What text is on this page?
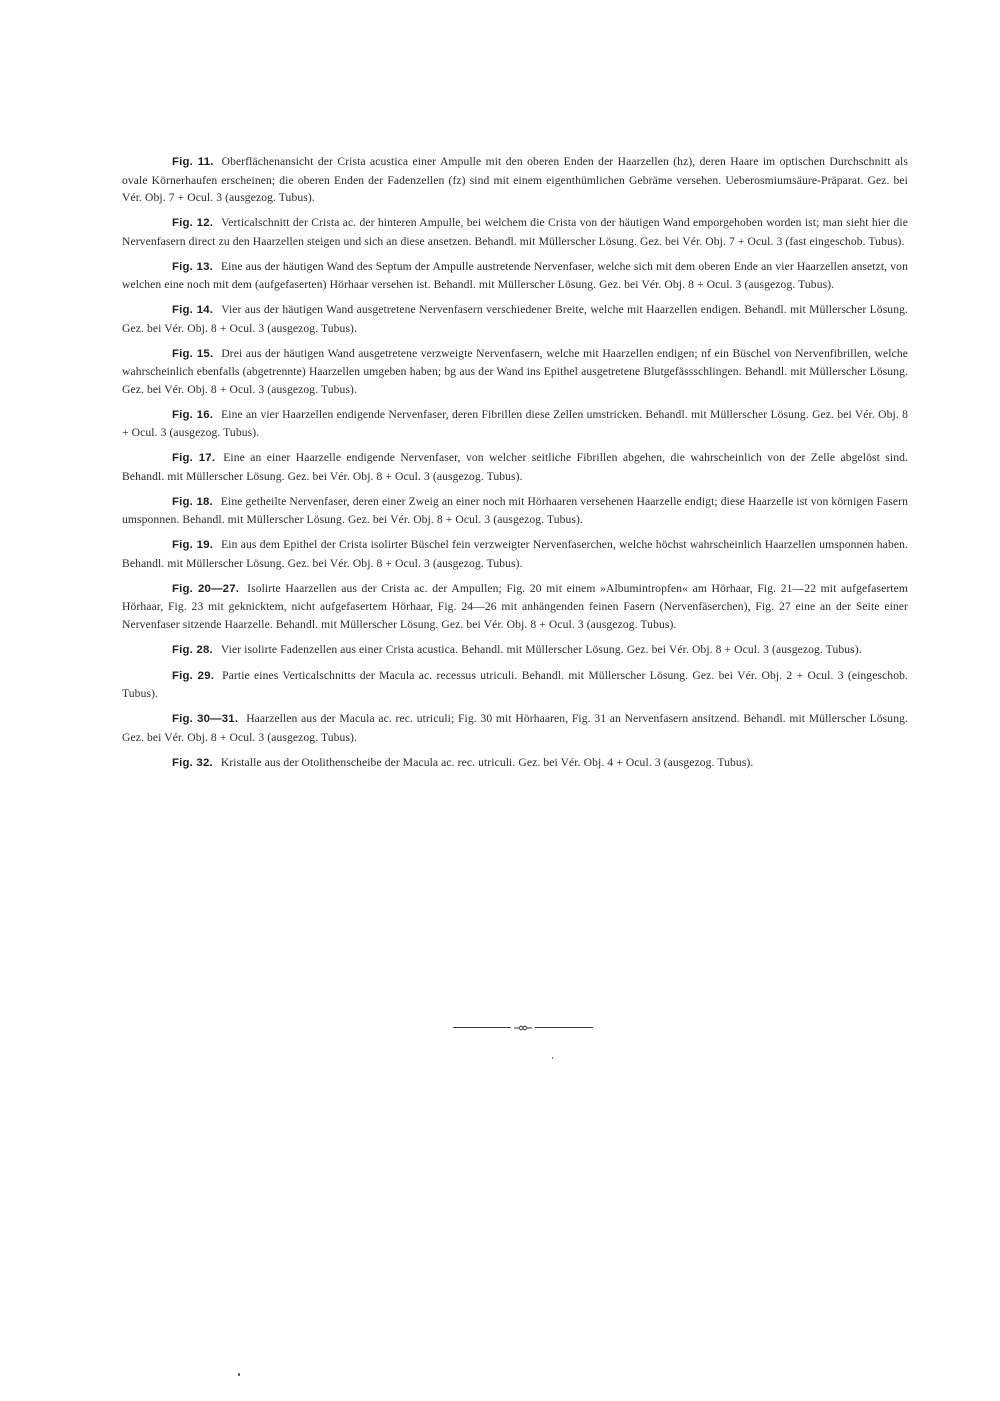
Fig. 11. Oberflächenansicht der Crista acustica einer Ampulle mit den oberen Enden der Haarzellen (hz), deren Haare im optischen Durchschnitt als ovale Körnerhaufen erscheinen; die oberen Enden der Fadenzellen (fz) sind mit einem eigenthümlichen Gebräme versehen. Ueberosmiumsäure-Präparat. Gez. bei Vér. Obj. 7 + Ocul. 3 (ausgezog. Tubus).

Fig. 12. Verticalschnitt der Crista ac. der hinteren Ampulle, bei welchem die Crista von der häutigen Wand emporgehoben worden ist; man sieht hier die Nervenfasern direct zu den Haarzellen steigen und sich an diese ansetzen. Behandl. mit Müllerscher Lösung. Gez. bei Vér. Obj. 7 + Ocul. 3 (fast eingeschob. Tubus).

Fig. 13. Eine aus der häutigen Wand des Septum der Ampulle austretende Nervenfaser, welche sich mit dem oberen Ende an vier Haarzellen ansetzt, von welchen eine noch mit dem (aufgefaserten) Hörhaar versehen ist. Behandl. mit Müllerscher Lösung. Gez. bei Vér. Obj. 8 + Ocul. 3 (ausgezog. Tubus).

Fig. 14. Vier aus der häutigen Wand ausgetretene Nervenfasern verschiedener Breite, welche mit Haarzellen endigen. Behandl. mit Müllerscher Lösung. Gez. bei Vér. Obj. 8 + Ocul. 3 (ausgezog. Tubus).

Fig. 15. Drei aus der häutigen Wand ausgetretene verzweigte Nervenfasern, welche mit Haarzellen endigen; nf ein Büschel von Nervenfibrillen, welche wahrscheinlich ebenfalls (abgetrennte) Haarzellen umgeben haben; bg aus der Wand ins Epithel ausgetretene Blutgefässschlingen. Behandl. mit Müllerscher Lösung. Gez. bei Vér. Obj. 8 + Ocul. 3 (ausgezog. Tubus).

Fig. 16. Eine an vier Haarzellen endigende Nervenfaser, deren Fibrillen diese Zellen umstricken. Behandl. mit Müllerscher Lösung. Gez. bei Vér. Obj. 8 + Ocul. 3 (ausgezog. Tubus).

Fig. 17. Eine an einer Haarzelle endigende Nervenfaser, von welcher seitliche Fibrillen abgehen, die wahrscheinlich von der Zelle abgelöst sind. Behandl. mit Müllerscher Lösung. Gez. bei Vér. Obj. 8 + Ocul. 3 (ausgezog. Tubus).

Fig. 18. Eine getheilte Nervenfaser, deren einer Zweig an einer noch mit Hörhaaren versehenen Haarzelle endigt; diese Haarzelle ist von körnigen Fasern umsponnen. Behandl. mit Müllerscher Lösung. Gez. bei Vér. Obj. 8 + Ocul. 3 (ausgezog. Tubus).

Fig. 19. Ein aus dem Epithel der Crista isolirter Büschel fein verzweigter Nervenfaserchen, welche höchst wahrscheinlich Haarzellen umsponnen haben. Behandl. mit Müllerscher Lösung. Gez. bei Vér. Obj. 8 + Ocul. 3 (ausgezog. Tubus).

Fig. 20—27. Isolirte Haarzellen aus der Crista ac. der Ampullen; Fig. 20 mit einem »Albumintropfen« am Hörhaar, Fig. 21—22 mit aufgefasertem Hörhaar, Fig. 23 mit geknicktem, nicht aufgefasertem Hörhaar, Fig. 24—26 mit anhängenden feinen Fasern (Nervenfäserchen), Fig. 27 eine an der Seite einer Nervenfaser sitzende Haarzelle. Behandl. mit Müllerscher Lösung. Gez. bei Vér. Obj. 8 + Ocul. 3 (ausgezog. Tubus).

Fig. 28. Vier isolirte Fadenzellen aus einer Crista acustica. Behandl. mit Müllerscher Lösung. Gez. bei Vér. Obj. 8 + Ocul. 3 (ausgezog. Tubus).

Fig. 29. Partie eines Verticalschnitts der Macula ac. recessus utriculi. Behandl. mit Müllerscher Lösung. Gez. bei Vér. Obj. 2 + Ocul. 3 (eingeschob. Tubus).

Fig. 30—31. Haarzellen aus der Macula ac. rec. utriculi; Fig. 30 mit Hörhaaren, Fig. 31 an Nervenfasern ansitzend. Behandl. mit Müllerscher Lösung. Gez. bei Vér. Obj. 8 + Ocul. 3 (ausgezog. Tubus).

Fig. 32. Kristalle aus der Otolithenscheibe der Macula ac. rec. utriculi. Gez. bei Vér. Obj. 4 + Ocul. 3 (ausgezog. Tubus).
